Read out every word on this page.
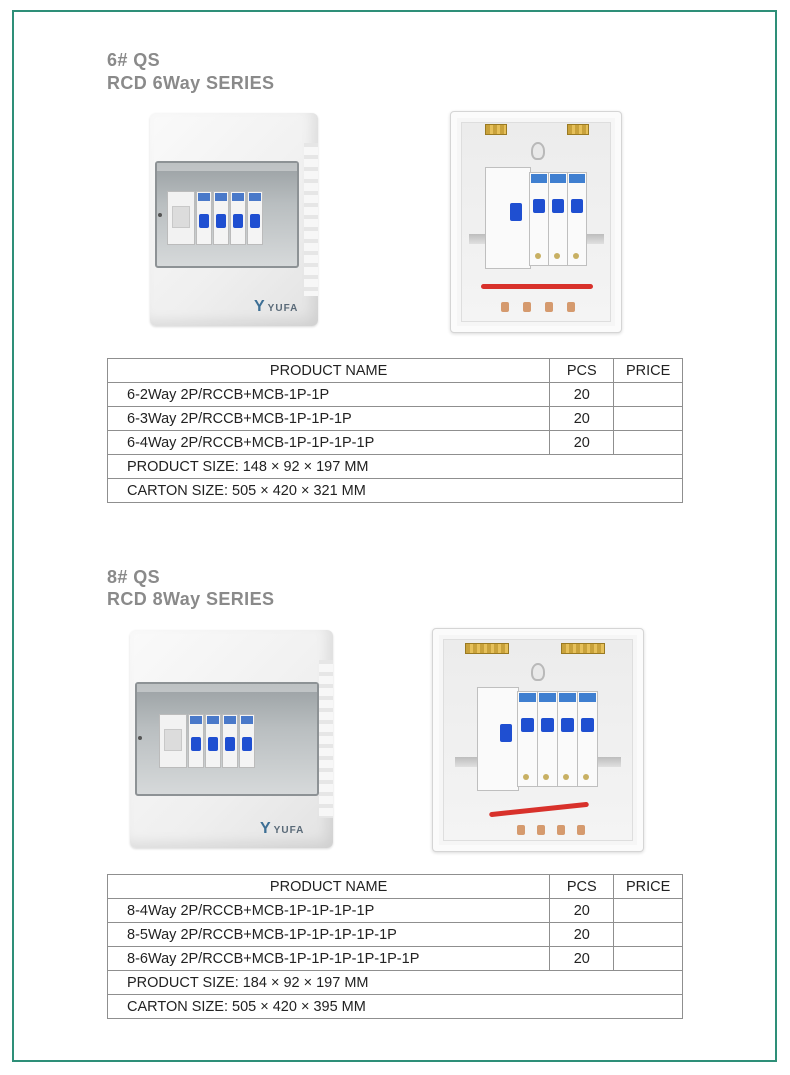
6# QS
RCD 6Way SERIES
YYUFA
PRODUCT NAME	PCS	PRICE
6-2Way 2P/RCCB+MCB-1P-1P	20	
6-3Way 2P/RCCB+MCB-1P-1P-1P	20	
6-4Way 2P/RCCB+MCB-1P-1P-1P-1P	20	
PRODUCT SIZE: 148 × 92 × 197 MM		
CARTON SIZE: 505 × 420 × 321 MM		
8# QS
RCD 8Way SERIES
YYUFA
PRODUCT NAME	PCS	PRICE
8-4Way 2P/RCCB+MCB-1P-1P-1P-1P	20	
8-5Way 2P/RCCB+MCB-1P-1P-1P-1P-1P	20	
8-6Way 2P/RCCB+MCB-1P-1P-1P-1P-1P-1P	20	
PRODUCT SIZE: 184 × 92 × 197 MM		
CARTON SIZE: 505 × 420 × 395 MM		
